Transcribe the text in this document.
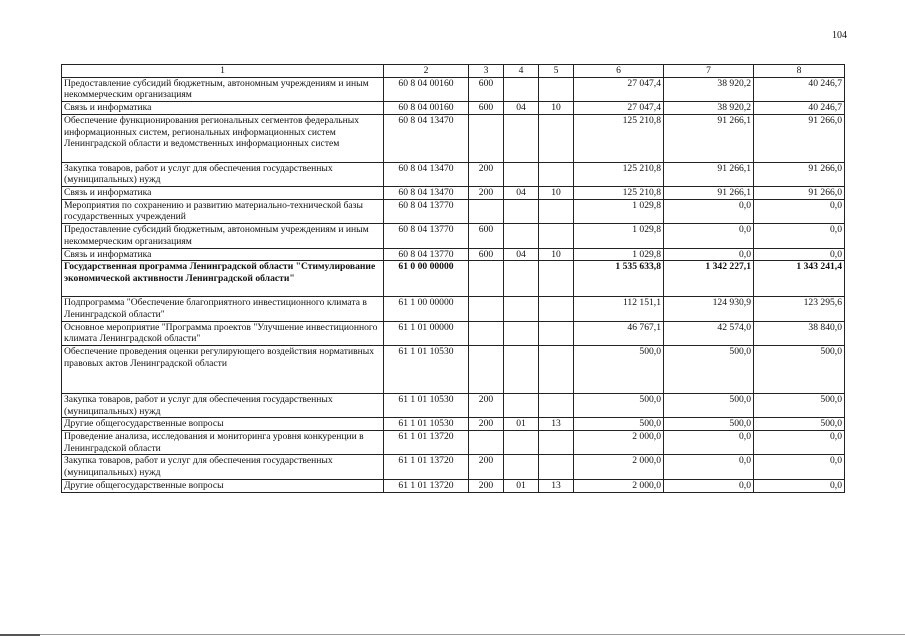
104
1	2	3	4	5	6	7	8
Предоставление субсидий бюджетным, автономным учреждениям и иным некоммерческим организациям	60 8 04 00160	600			27 047,4	38 920,2	40 246,7
Связь и информатика	60 8 04 00160	600	04	10	27 047,4	38 920,2	40 246,7
Обеспечение функционирования региональных сегментов федеральных информационных систем, региональных информационных систем Ленинградской области и ведомственных информационных систем	60 8 04 13470				125 210,8	91 266,1	91 266,0
Закупка товаров, работ и услуг для обеспечения государственных (муниципальных) нужд	60 8 04 13470	200			125 210,8	91 266,1	91 266,0
Связь и информатика	60 8 04 13470	200	04	10	125 210,8	91 266,1	91 266,0
Мероприятия по сохранению и развитию материально-технической базы государственных учреждений	60 8 04 13770				1 029,8	0,0	0,0
Предоставление субсидий бюджетным, автономным учреждениям и иным некоммерческим организациям	60 8 04 13770	600			1 029,8	0,0	0,0
Связь и информатика	60 8 04 13770	600	04	10	1 029,8	0,0	0,0
Государственная программа Ленинградской области "Стимулирование экономической активности Ленинградской области"	61 0 00 00000				1 535 633,8	1 342 227,1	1 343 241,4
Подпрограмма "Обеспечение благоприятного инвестиционного климата в Ленинградской области"	61 1 00 00000				112 151,1	124 930,9	123 295,6
Основное мероприятие "Программа проектов "Улучшение инвестиционного климата Ленинградской области"	61 1 01 00000				46 767,1	42 574,0	38 840,0
Обеспечение проведения оценки регулирующего воздействия нормативных правовых актов Ленинградской области	61 1 01 10530				500,0	500,0	500,0
Закупка товаров, работ и услуг для обеспечения государственных (муниципальных) нужд	61 1 01 10530	200			500,0	500,0	500,0
Другие общегосударственные вопросы	61 1 01 10530	200	01	13	500,0	500,0	500,0
Проведение анализа, исследования и мониторинга уровня конкуренции в Ленинградской области	61 1 01 13720				2 000,0	0,0	0,0
Закупка товаров, работ и услуг для обеспечения государственных (муниципальных) нужд	61 1 01 13720	200			2 000,0	0,0	0,0
Другие общегосударственные вопросы	61 1 01 13720	200	01	13	2 000,0	0,0	0,0
